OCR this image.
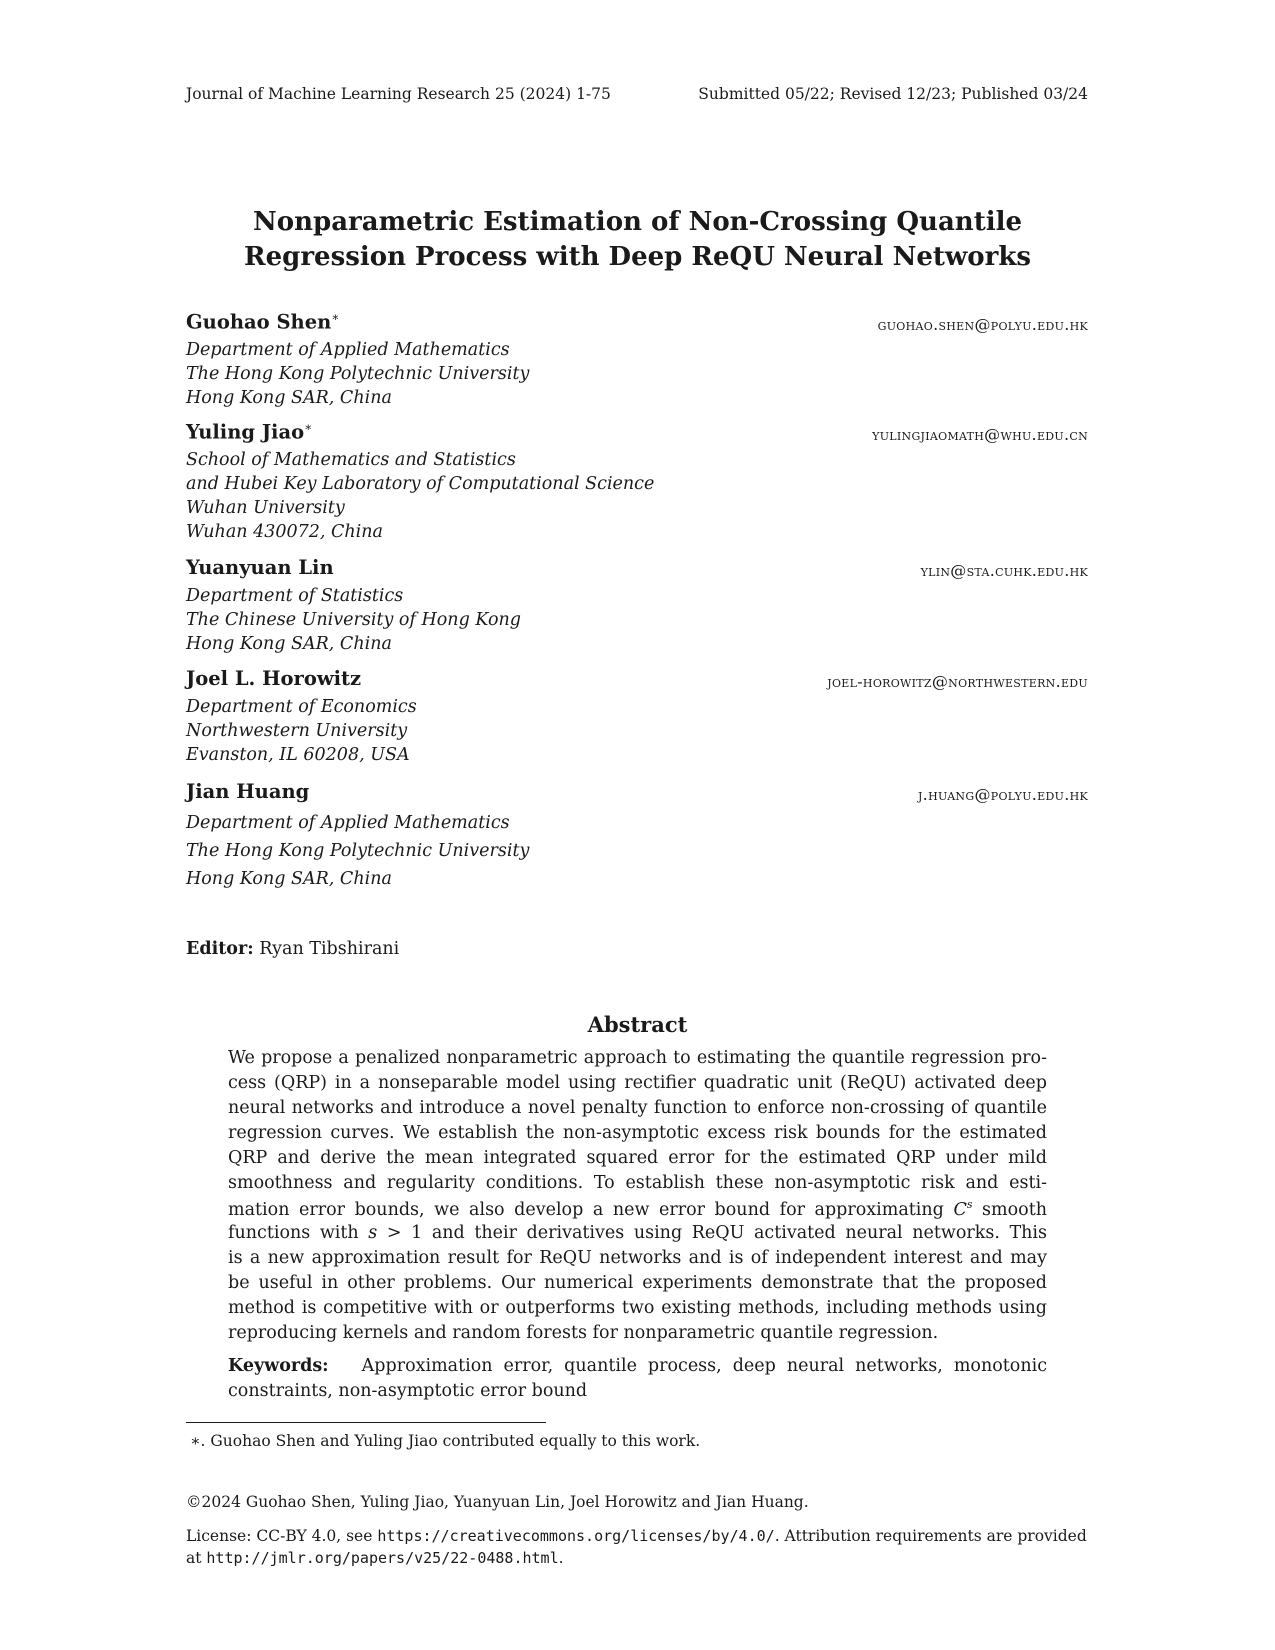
Journal of Machine Learning Research 25 (2024) 1-75	Submitted 05/22; Revised 12/23; Published 03/24
Nonparametric Estimation of Non-Crossing Quantile
Regression Process with Deep ReQU Neural Networks
Guohao Shen∗	guohao.shen@polyu.edu.hk
Department of Applied Mathematics
The Hong Kong Polytechnic University
Hong Kong SAR, China
Yuling Jiao∗	yulingjiaomath@whu.edu.cn
School of Mathematics and Statistics
and Hubei Key Laboratory of Computational Science
Wuhan University
Wuhan 430072, China
Yuanyuan Lin	ylin@sta.cuhk.edu.hk
Department of Statistics
The Chinese University of Hong Kong
Hong Kong SAR, China
Joel L. Horowitz	joel-horowitz@northwestern.edu
Department of Economics
Northwestern University
Evanston, IL 60208, USA
Jian Huang	j.huang@polyu.edu.hk
Department of Applied Mathematics
The Hong Kong Polytechnic University
Hong Kong SAR, China
Editor: Ryan Tibshirani
Abstract
We propose a penalized nonparametric approach to estimating the quantile regression pro-
cess (QRP) in a nonseparable model using rectifier quadratic unit (ReQU) activated deep
neural networks and introduce a novel penalty function to enforce non-crossing of quantile
regression curves. We establish the non-asymptotic excess risk bounds for the estimated
QRP and derive the mean integrated squared error for the estimated QRP under mild
smoothness and regularity conditions. To establish these non-asymptotic risk and esti-
mation error bounds, we also develop a new error bound for approximating $C^s$ smooth
functions with s > 1 and their derivatives using ReQU activated neural networks. This
is a new approximation result for ReQU networks and is of independent interest and may
be useful in other problems. Our numerical experiments demonstrate that the proposed
method is competitive with or outperforms two existing methods, including methods using
reproducing kernels and random forests for nonparametric quantile regression.
Keywords: Approximation error, quantile process, deep neural networks, monotonic
constraints, non-asymptotic error bound
∗. Guohao Shen and Yuling Jiao contributed equally to this work.
©2024 Guohao Shen, Yuling Jiao, Yuanyuan Lin, Joel Horowitz and Jian Huang.
License: CC-BY 4.0, see https://creativecommons.org/licenses/by/4.0/. Attribution requirements are provided
at http://jmlr.org/papers/v25/22-0488.html.
